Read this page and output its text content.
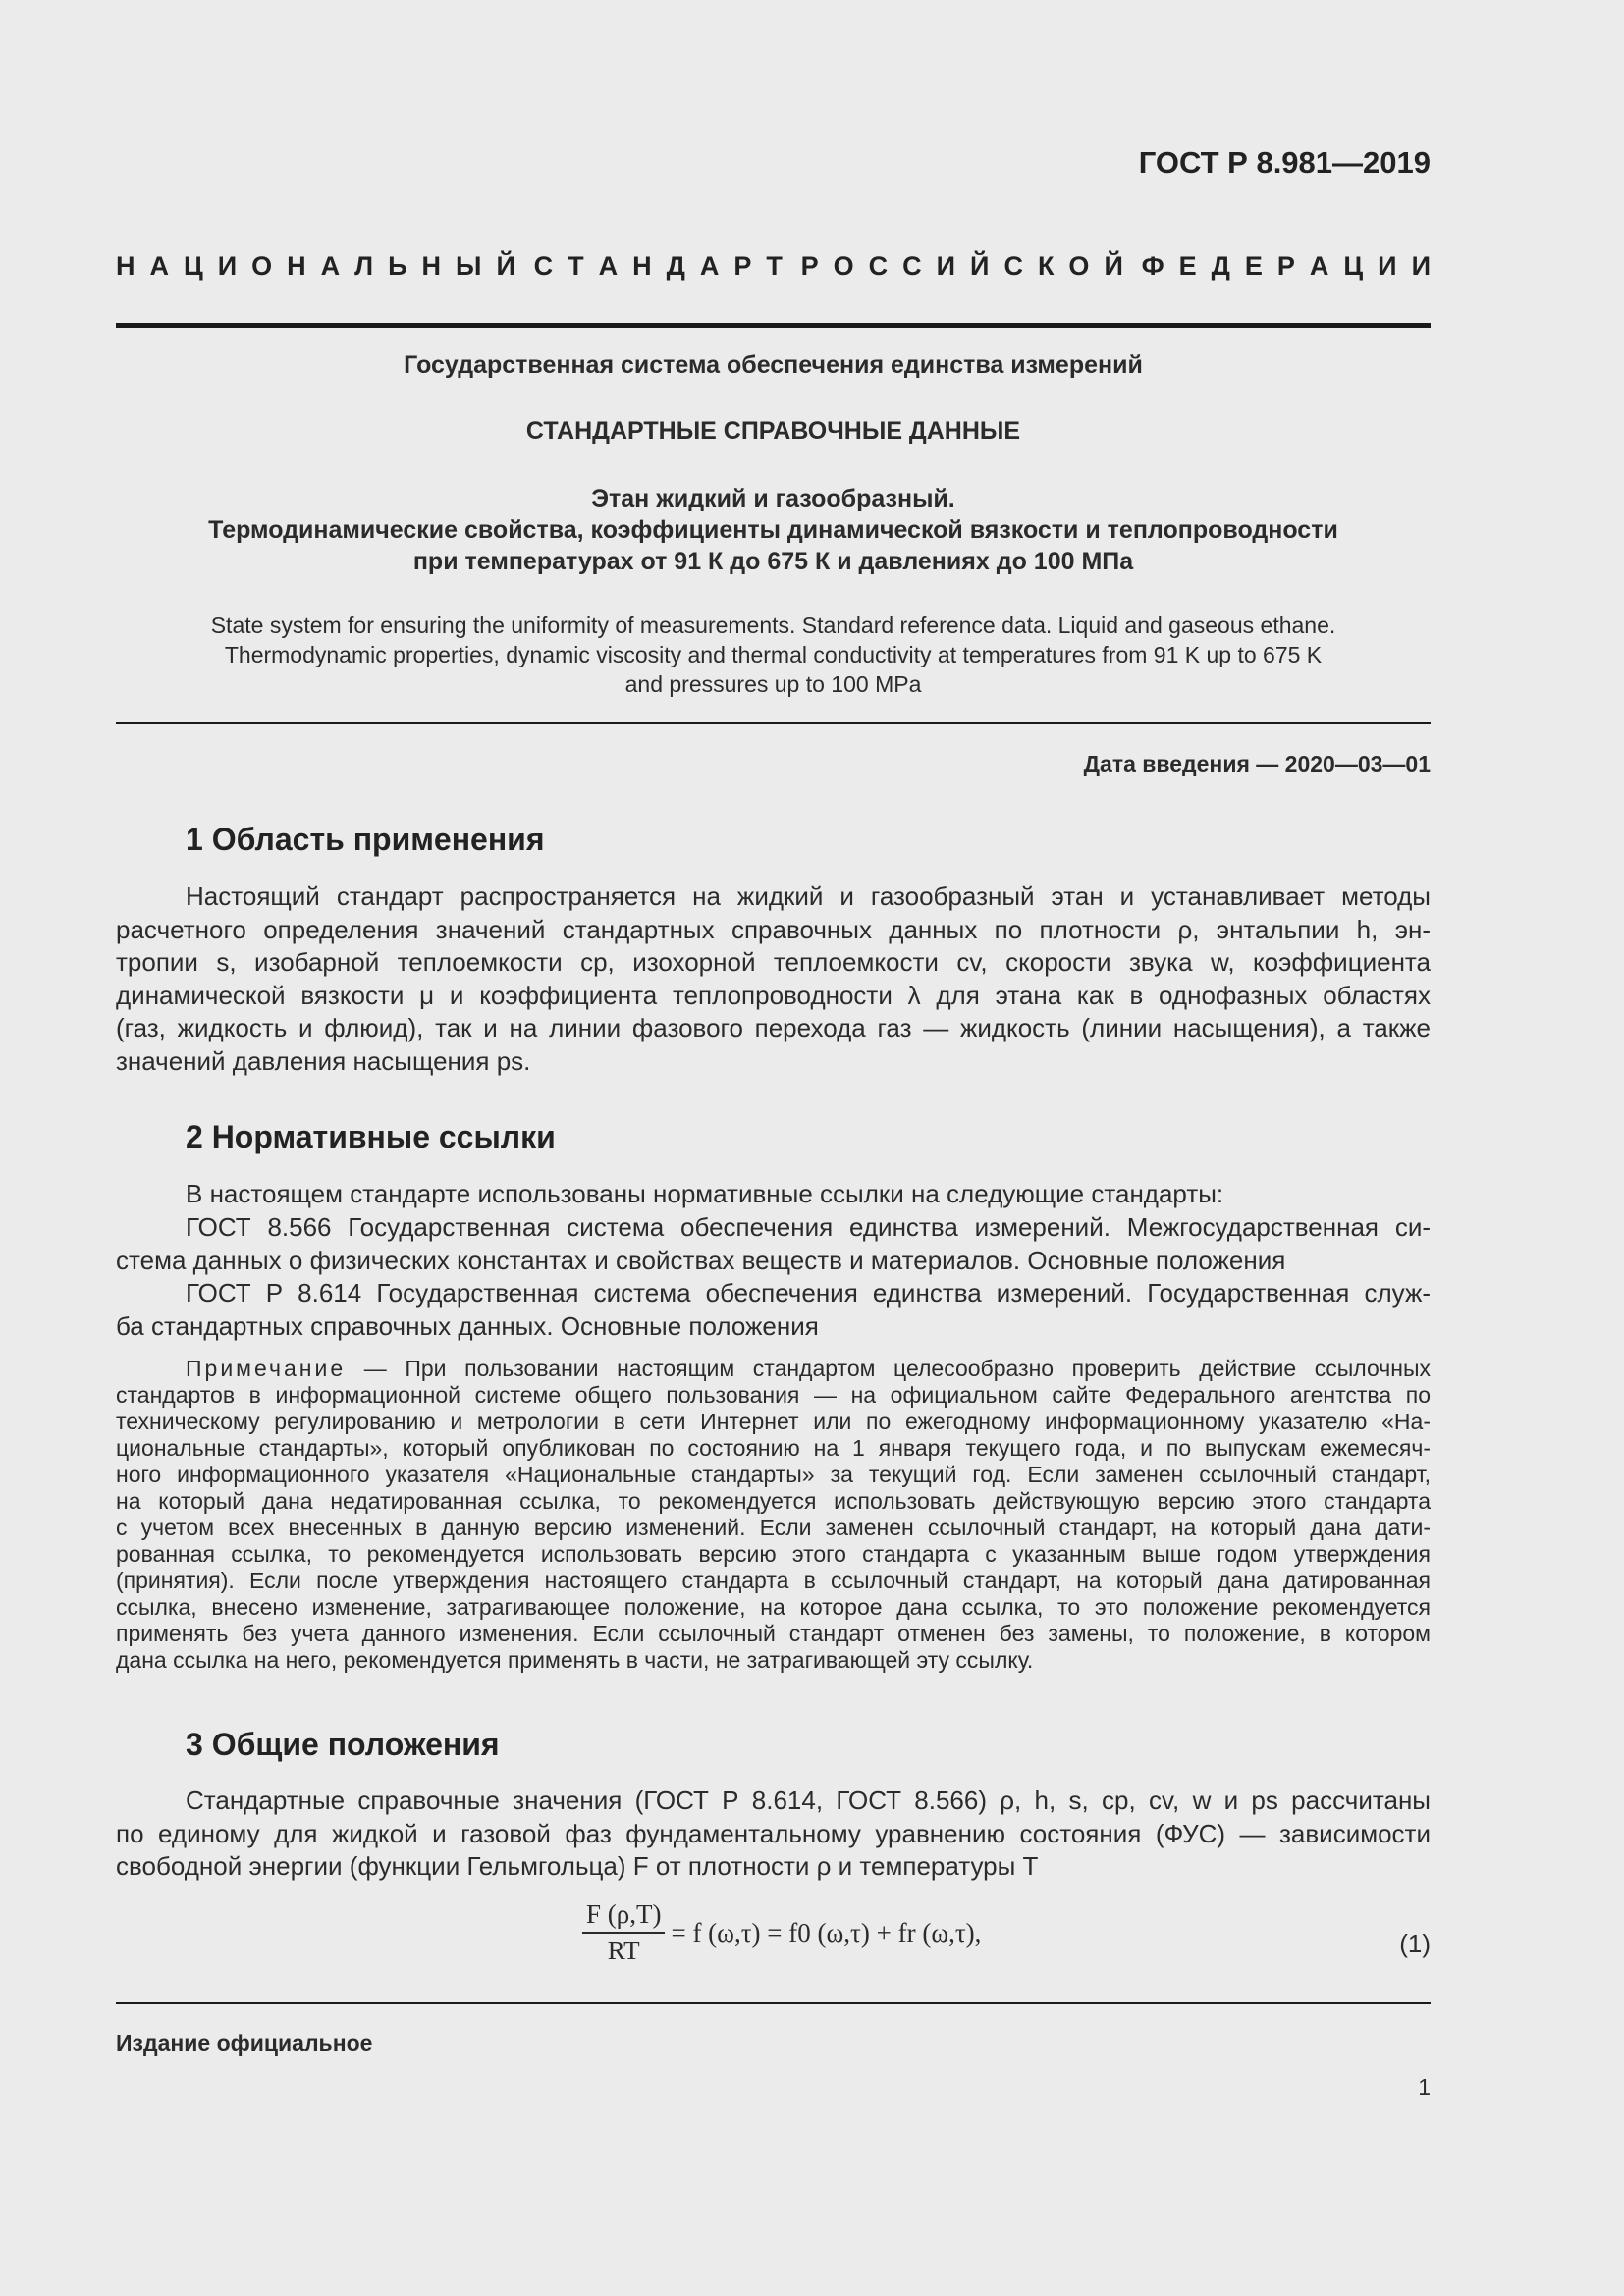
ГОСТ Р 8.981—2019
Н А Ц И О Н А Л Ь Н Ы Й С Т А Н Д А Р Т Р О С С И Й С К О Й Ф Е Д Е Р А Ц И И
Государственная система обеспечения единства измерений
СТАНДАРТНЫЕ СПРАВОЧНЫЕ ДАННЫЕ
Этан жидкий и газообразный.
Термодинамические свойства, коэффициенты динамической вязкости и теплопроводности
при температурах от 91 К до 675 К и давлениях до 100 МПа
State system for ensuring the uniformity of measurements. Standard reference data. Liquid and gaseous ethane.
Thermodynamic properties, dynamic viscosity and thermal conductivity at temperatures from 91 K up to 675 K
and pressures up to 100 MPa
Дата введения — 2020—03—01
1 Область применения
Настоящий стандарт распространяется на жидкий и газообразный этан и устанавливает методы
расчетного определения значений стандартных справочных данных по плотности ρ, энтальпии h, эн-
тропии s, изобарной теплоемкости cp, изохорной теплоемкости cv, скорости звука w, коэффициента
динамической вязкости μ и коэффициента теплопроводности λ для этана как в однофазных областях
(газ, жидкость и флюид), так и на линии фазового перехода газ — жидкость (линии насыщения), а также
значений давления насыщения ps.
2 Нормативные ссылки
В настоящем стандарте использованы нормативные ссылки на следующие стандарты:
ГОСТ 8.566 Государственная система обеспечения единства измерений. Межгосударственная си-
стема данных о физических константах и свойствах веществ и материалов. Основные положения
ГОСТ Р 8.614 Государственная система обеспечения единства измерений. Государственная служ-
ба стандартных справочных данных. Основные положения
Примечание — При пользовании настоящим стандартом целесообразно проверить действие ссылочных
стандартов в информационной системе общего пользования — на официальном сайте Федерального агентства по
техническому регулированию и метрологии в сети Интернет или по ежегодному информационному указателю «На-
циональные стандарты», который опубликован по состоянию на 1 января текущего года, и по выпускам ежемесяч-
ного информационного указателя «Национальные стандарты» за текущий год. Если заменен ссылочный стандарт,
на который дана недатированная ссылка, то рекомендуется использовать действующую версию этого стандарта
с учетом всех внесенных в данную версию изменений. Если заменен ссылочный стандарт, на который дана дати-
рованная ссылка, то рекомендуется использовать версию этого стандарта с указанным выше годом утверждения
(принятия). Если после утверждения настоящего стандарта в ссылочный стандарт, на который дана датированная
ссылка, внесено изменение, затрагивающее положение, на которое дана ссылка, то это положение рекомендуется
применять без учета данного изменения. Если ссылочный стандарт отменен без замены, то положение, в котором
дана ссылка на него, рекомендуется применять в части, не затрагивающей эту ссылку.
3 Общие положения
Стандартные справочные значения (ГОСТ Р 8.614, ГОСТ 8.566) ρ, h, s, cp, cv, w и ps рассчитаны
по единому для жидкой и газовой фаз фундаментальному уравнению состояния (ФУС) — зависимости
свободной энергии (функции Гельмгольца) F от плотности ρ и температуры T
$\frac{F (\rho,T)}{RT} = f$ (ω,τ) = f0 (ω,τ) + fr (ω,τ),	(1)
Издание официальное
1
